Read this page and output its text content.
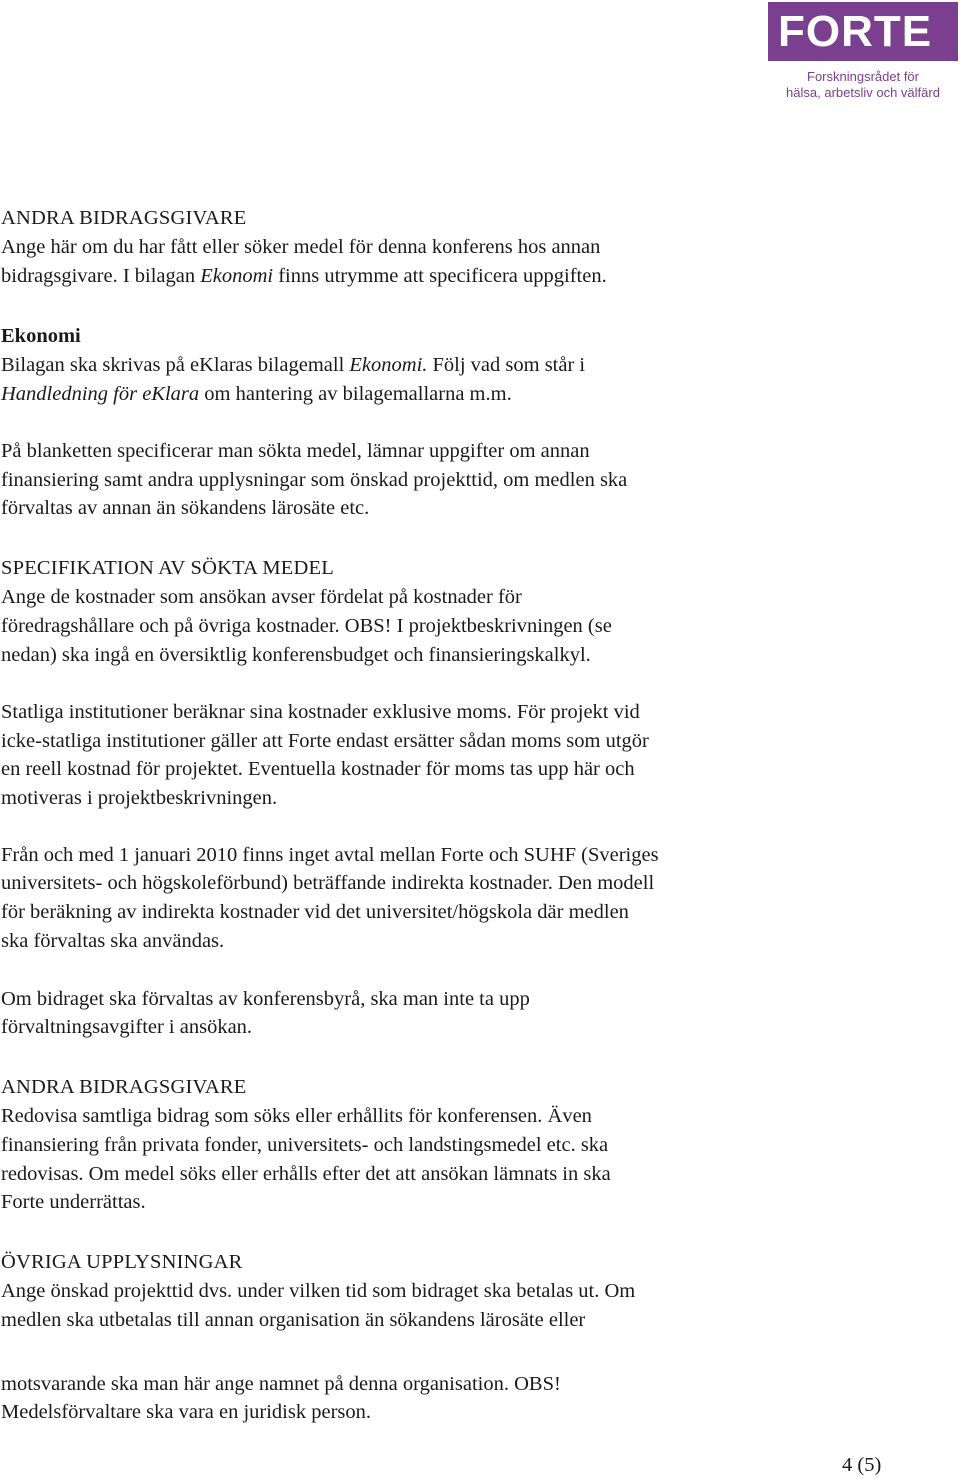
FORTE
Forskningsrådet för
hälsa, arbetsliv och välfärd
ANDRA BIDRAGSGIVARE
Ange här om du har fått eller söker medel för denna konferens hos annan
bidragsgivare. I bilagan Ekonomi finns utrymme att specificera uppgiften.
Ekonomi
Bilagan ska skrivas på eKlaras bilagemall Ekonomi. Följ vad som står i
Handledning för eKlara om hantering av bilagemallarna m.m.
På blanketten specificerar man sökta medel, lämnar uppgifter om annan
finansiering samt andra upplysningar som önskad projekttid, om medlen ska
förvaltas av annan än sökandens lärosäte etc.
SPECIFIKATION AV SÖKTA MEDEL
Ange de kostnader som ansökan avser fördelat på kostnader för
föredragshållare och på övriga kostnader. OBS! I projektbeskrivningen (se
nedan) ska ingå en översiktlig konferensbudget och finansieringskalkyl.
Statliga institutioner beräknar sina kostnader exklusive moms. För projekt vid
icke-statliga institutioner gäller att Forte endast ersätter sådan moms som utgör
en reell kostnad för projektet. Eventuella kostnader för moms tas upp här och
motiveras i projektbeskrivningen.
Från och med 1 januari 2010 finns inget avtal mellan Forte och SUHF (Sveriges
universitets- och högskoleförbund) beträffande indirekta kostnader. Den modell
för beräkning av indirekta kostnader vid det universitet/högskola där medlen
ska förvaltas ska användas.
Om bidraget ska förvaltas av konferensbyrå, ska man inte ta upp
förvaltningsavgifter i ansökan.
ANDRA BIDRAGSGIVARE
Redovisa samtliga bidrag som söks eller erhållits för konferensen. Även
finansiering från privata fonder, universitets- och landstingsmedel etc. ska
redovisas. Om medel söks eller erhålls efter det att ansökan lämnats in ska
Forte underrättas.
ÖVRIGA UPPLYSNINGAR
Ange önskad projekttid dvs. under vilken tid som bidraget ska betalas ut. Om
medlen ska utbetalas till annan organisation än sökandens lärosäte eller
motsvarande ska man här ange namnet på denna organisation. OBS!
Medelsförvaltare ska vara en juridisk person.
4 (5)
